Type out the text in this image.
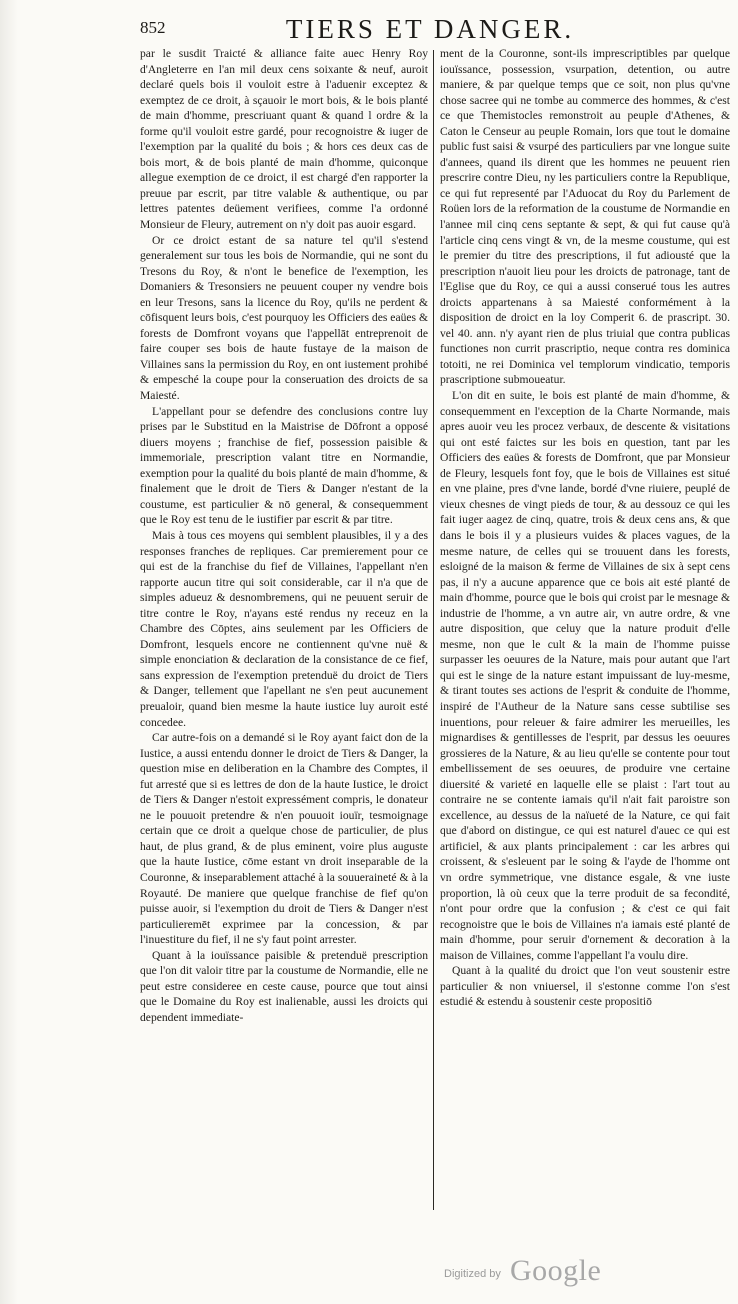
852	TIERS ET DANGER.

par le susdit Traicté & alliance faite auec Henry Roy d'Angleterre en l'an mil deux cens soixante & neuf, auroit declaré quels bois il vouloit estre à l'aduenir exceptez & exemptez de ce droit, à sçauoir le mort bois, & le bois planté de main d'homme, prescriuant quant & quand l ordre & la forme qu'il vouloit estre gardé, pour recognoistre & iuger de l'exemption par la qualité du bois ; & hors ces deux cas de bois mort, & de bois planté de main d'homme, quiconque allegue exemption de ce droict, il est chargé d'en rapporter la preuue par escrit, par titre valable & authentique, ou par lettres patentes deüement verifiees, comme l'a ordonné Monsieur de Fleury, autrement on n'y doit pas auoir esgard.

Or ce droict estant de sa nature tel qu'il s'estend generalement sur tous les bois de Normandie, qui ne sont du Tresons du Roy, & n'ont le benefice de l'exemption, les Domaniers & Tresonsiers ne peuuent couper ny vendre bois en leur Tresons, sans la licence du Roy, qu'ils ne perdent & cōfisquent leurs bois, c'est pourquoy les Officiers des eaües & forests de Domfront voyans que l'appellāt entreprenoit de faire couper ses bois de haute fustaye de la maison de Villaines sans la permission du Roy, en ont iustement prohibé & empesché la coupe pour la conseruation des droicts de sa Maiesté.

L'appellant pour se defendre des conclusions contre luy prises par le Substitud en la Maistrise de Dōfront a opposé diuers moyens ; franchise de fief, possession paisible & immemoriale, prescription valant titre en Normandie, exemption pour la qualité du bois planté de main d'homme, & finalement que le droit de Tiers & Danger n'estant de la coustume, est particulier & nō general, & consequemment que le Roy est tenu de le iustifier par escrit & par titre.

Mais à tous ces moyens qui semblent plausibles, il y a des responses franches de repliques. Car premierement pour ce qui est de la franchise du fief de Villaines, l'appellant n'en rapporte aucun titre qui soit considerable, car il n'a que de simples adueuz & desnombremens, qui ne peuuent seruir de titre contre le Roy, n'ayans esté rendus ny receuz en la Chambre des Cōptes, ains seulement par les Officiers de Domfront, lesquels encore ne contiennent qu'vne nuë & simple enonciation & declaration de la consistance de ce fief, sans expression de l'exemption pretenduë du droict de Tiers & Danger, tellement que l'apellant ne s'en peut aucunement preualoir, quand bien mesme la haute iustice luy auroit esté concedee.

Car autre-fois on a demandé si le Roy ayant faict don de la Iustice, a aussi entendu donner le droict de Tiers & Danger, la question mise en deliberation en la Chambre des Comptes, il fut arresté que si es lettres de don de la haute Iustice, le droict de Tiers & Danger n'estoit expressément compris, le donateur ne le pouuoit pretendre & n'en pouuoit iouïr, tesmoignage certain que ce droit a quelque chose de particulier, de plus haut, de plus grand, & de plus eminent, voire plus auguste que la haute Iustice, cōme estant vn droit inseparable de la Couronne, & inseparablement attaché à la souueraineté & à la Royauté. De maniere que quelque franchise de fief qu'on puisse auoir, si l'exemption du droit de Tiers & Danger n'est particulieremēt exprimee par la concession, & par l'inuestiture du fief, il ne s'y faut point arrester.

Quant à la iouïssance paisible & pretenduë prescription que l'on dit valoir titre par la coustume de Normandie, elle ne peut estre consideree en ceste cause, pource que tout ainsi que le Domaine du Roy est inalienable, aussi les droicts qui dependent immediate-

ment de la Couronne, sont-ils imprescriptibles par quelque iouïssance, possession, vsurpation, detention, ou autre maniere, & par quelque temps que ce soit, non plus qu'vne chose sacree qui ne tombe au commerce des hommes, & c'est ce que Themistocles remonstroit au peuple d'Athenes, & Caton le Censeur au peuple Romain, lors que tout le domaine public fust saisi & vsurpé des particuliers par vne longue suite d'annees, quand ils dirent que les hommes ne peuuent rien prescrire contre Dieu, ny les particuliers contre la Republique, ce qui fut representé par l'Aduocat du Roy du Parlement de Roüen lors de la reformation de la coustume de Normandie en l'annee mil cinq cens septante & sept, & qui fut cause qu'à l'article cinq cens vingt & vn, de la mesme coustume, qui est le premier du titre des prescriptions, il fut adiousté que la prescription n'auoit lieu pour les droicts de patronage, tant de l'Eglise que du Roy, ce qui a aussi conserué tous les autres droicts appartenans à sa Maiesté conformément à la disposition de droict en la loy Comperit 6. de prascript. 30. vel 40. ann. n'y ayant rien de plus triuial que contra publicas functiones non currit prascriptio, neque contra res dominica totoiti, ne rei Dominica vel templorum vindicatio, temporis prascriptione submoueatur.

L'on dit en suite, le bois est planté de main d'homme, & consequemment en l'exception de la Charte Normande, mais apres auoir veu les procez verbaux, de descente & visitations qui ont esté faictes sur les bois en question, tant par les Officiers des eaües & forests de Domfront, que par Monsieur de Fleury, lesquels font foy, que le bois de Villaines est situé en vne plaine, pres d'vne lande, bordé d'vne riuiere, peuplé de vieux chesnes de vingt pieds de tour, & au dessouz ce qui les fait iuger aagez de cinq, quatre, trois & deux cens ans, & que dans le bois il y a plusieurs vuides & places vagues, de la mesme nature, de celles qui se trouuent dans les forests, esloigné de la maison & ferme de Villaines de six à sept cens pas, il n'y a aucune apparence que ce bois ait esté planté de main d'homme, pource que le bois qui croist par le mesnage & industrie de l'homme, a vn autre air, vn autre ordre, & vne autre disposition, que celuy que la nature produit d'elle mesme, non que le cult & la main de l'homme puisse surpasser les oeuures de la Nature, mais pour autant que l'art qui est le singe de la nature estant impuissant de luy-mesme, & tirant toutes ses actions de l'esprit & conduite de l'homme, inspiré de l'Autheur de la Nature sans cesse subtilise ses inuentions, pour releuer & faire admirer les merueilles, les mignardises & gentillesses de l'esprit, par dessus les oeuures grossieres de la Nature, & au lieu qu'elle se contente pour tout embellissement de ses oeuures, de produire vne certaine diuersité & varieté en laquelle elle se plaist : l'art tout au contraire ne se contente iamais qu'il n'ait fait paroistre son excellence, au dessus de la naïueté de la Nature, ce qui fait que d'abord on distingue, ce qui est naturel d'auec ce qui est artificiel, & aux plants principalement : car les arbres qui croissent, & s'esleuent par le soing & l'ayde de l'homme ont vn ordre symmetrique, vne distance esgale, & vne iuste proportion, là où ceux que la terre produit de sa fecondité, n'ont pour ordre que la confusion ; & c'est ce qui fait recognoistre que le bois de Villaines n'a iamais esté planté de main d'homme, pour seruir d'ornement & decoration à la maison de Villaines, comme l'appellant l'a voulu dire.

Quant à la qualité du droict que l'on veut soustenir estre particulier & non vniuersel, il s'estonne comme l'on s'est estudié & estendu à soustenir ceste propositiō

Digitized by Google
